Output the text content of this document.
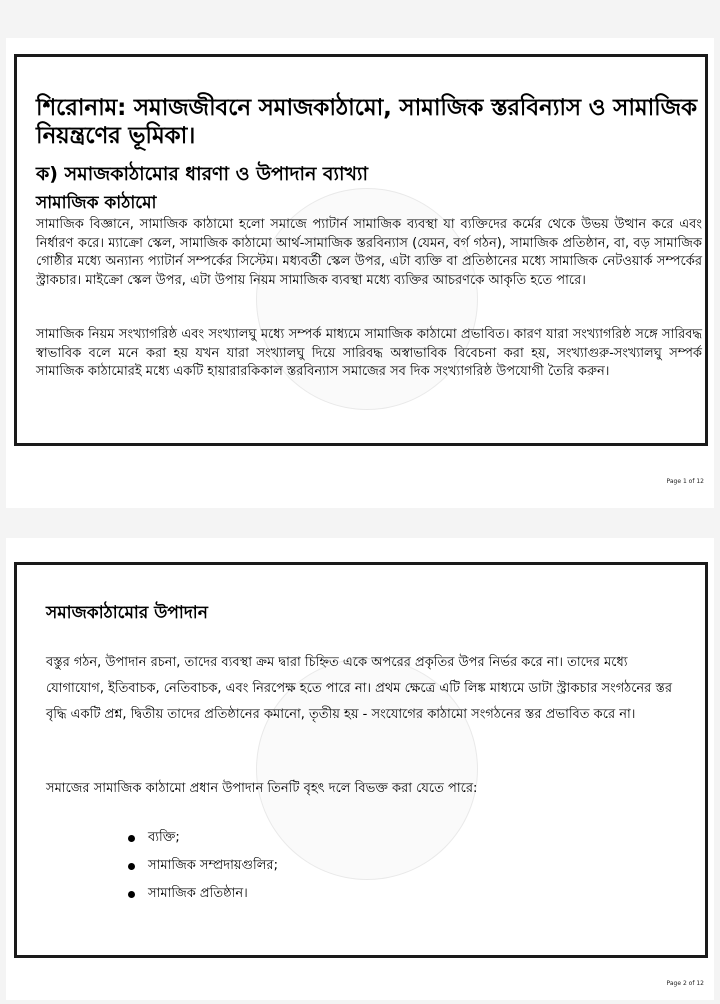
শিরোনাম: সমাজজীবনে সমাজকাঠামো, সামাজিক স্তরবিন্যাস ও সামাজিক নিয়ন্ত্রণের ভূমিকা।
ক) সমাজকাঠামোর ধারণা ও উপাদান ব্যাখ্যা
সামাজিক কাঠামো
সামাজিক বিজ্ঞানে, সামাজিক কাঠামো হলো সমাজে প্যাটার্ন সামাজিক ব্যবস্থা যা ব্যক্তিদের কর্মের থেকে উভয় উত্থান করে এবং নির্ধারণ করে। ম্যাক্রো স্কেল, সামাজিক কাঠামো আর্থ-সামাজিক স্তরবিন্যাস (যেমন, বর্গ গঠন), সামাজিক প্রতিষ্ঠান, বা, বড় সামাজিক গোষ্ঠীর মধ্যে অন্যান্য প্যাটার্ন সম্পর্কের সিস্টেম। মধ্যবর্তী স্কেল উপর, এটা ব্যক্তি বা প্রতিষ্ঠানের মধ্যে সামাজিক নেটওয়ার্ক সম্পর্কের স্ট্রাকচার। মাইক্রো স্কেল উপর, এটা উপায় নিয়ম সামাজিক ব্যবস্থা মধ্যে ব্যক্তির আচরণকে আকৃতি হতে পারে।
সামাজিক নিয়ম সংখ্যাগরিষ্ঠ এবং সংখ্যালঘু মধ্যে সম্পর্ক মাধ্যমে সামাজিক কাঠামো প্রভাবিত। কারণ যারা সংখ্যাগরিষ্ঠ সঙ্গে সারিবদ্ধ স্বাভাবিক বলে মনে করা হয় যখন যারা সংখ্যালঘু দিয়ে সারিবদ্ধ অস্বাভাবিক বিবেচনা করা হয়, সংখ্যাগুরু-সংখ্যালঘু সম্পর্ক সামাজিক কাঠামোরই মধ্যে একটি হায়ারারকিকাল স্তরবিন্যাস সমাজের সব দিক সংখ্যাগরিষ্ঠ উপযোগী তৈরি করুন।
Page 1 of 12
সমাজকাঠামোর উপাদান
বস্তুর গঠন, উপাদান রচনা, তাদের ব্যবস্থা ক্রম দ্বারা চিহ্নিত একে অপরের প্রকৃতির উপর নির্ভর করে না। তাদের মধ্যে যোগাযোগ, ইতিবাচক, নেতিবাচক, এবং নিরপেক্ষ হতে পারে না। প্রথম ক্ষেত্রে এটি লিঙ্ক মাধ্যমে ডাটা স্ট্রাকচার সংগঠনের স্তর বৃদ্ধি একটি প্রশ্ন, দ্বিতীয় তাদের প্রতিষ্ঠানের কমানো, তৃতীয় হয় - সংযোগের কাঠামো সংগঠনের স্তর প্রভাবিত করে না।
সমাজের সামাজিক কাঠামো প্রধান উপাদান তিনটি বৃহৎ দলে বিভক্ত করা যেতে পারে:
ব্যক্তি;
সামাজিক সম্প্রদায়গুলির;
সামাজিক প্রতিষ্ঠান।
Page 2 of 12
